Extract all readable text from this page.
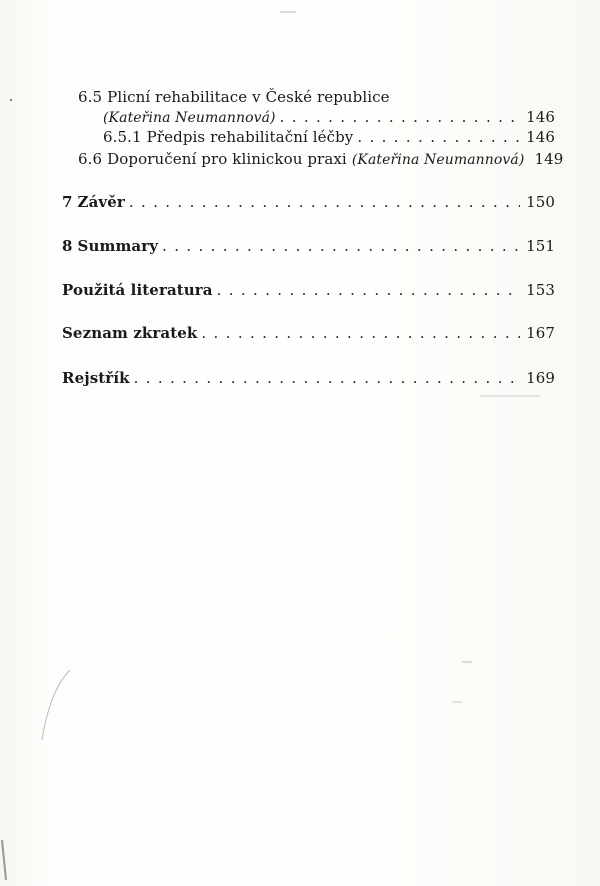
6.5 Plicní rehabilitace v České republice
(Kateřina Neumannová) . . .	146
6.5.1 Předpis rehabilitační léčby . . .	146
6.6 Doporučení pro klinickou praxi (Kateřina Neumannová) 149
7 Závěr . . .	150
8 Summary . . .	151
Použitá literatura . . .	153
Seznam zkratek . . .	167
Rejstřík . . .	169
